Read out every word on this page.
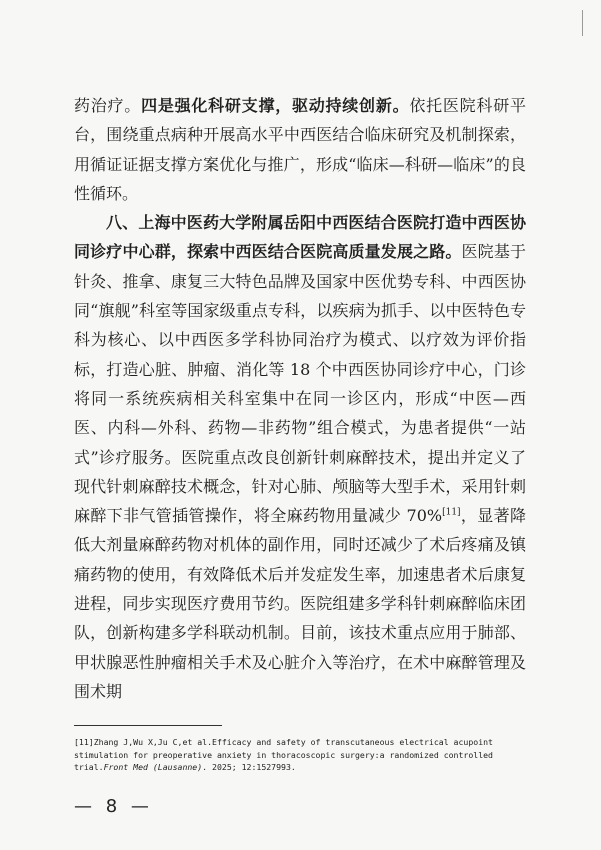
药治疗。四是强化科研支撑，驱动持续创新。依托医院科研平台，围绕重点病种开展高水平中西医结合临床研究及机制探索，用循证证据支撑方案优化与推广，形成“临床—科研—临床”的良性循环。

八、上海中医药大学附属岳阳中西医结合医院打造中西医协同诊疗中心群，探索中西医结合医院高质量发展之路。医院基于针灸、推拿、康复三大特色品牌及国家中医优势专科、中西医协同“旗舰”科室等国家级重点专科，以疾病为抓手、以中医特色专科为核心、以中西医多学科协同治疗为模式、以疗效为评价指标，打造心脏、肿瘤、消化等 18 个中西医协同诊疗中心，门诊将同一系统疾病相关科室集中在同一诊区内，形成“中医—西医、内科—外科、药物—非药物”组合模式，为患者提供“一站式”诊疗服务。医院重点改良创新针刺麻醉技术，提出并定义了现代针刺麻醉技术概念，针对心肺、颅脑等大型手术，采用针刺麻醉下非气管插管操作，将全麻药物用量减少 70%[11]，显著降低大剂量麻醉药物对机体的副作用，同时还减少了术后疼痛及镇痛药物的使用，有效降低术后并发症发生率，加速患者术后康复进程，同步实现医疗费用节约。医院组建多学科针刺麻醉临床团队，创新构建多学科联动机制。目前，该技术重点应用于肺部、甲状腺恶性肿瘤相关手术及心脏介入等治疗，在术中麻醉管理及围术期

[11]Zhang J,Wu X,Ju C,et al.Efficacy and safety of transcutaneous electrical acupoint stimulation for preoperative anxiety in thoracoscopic surgery:a randomized controlled trial.Front Med (Lausanne). 2025; 12:1527993.
— 8 —
